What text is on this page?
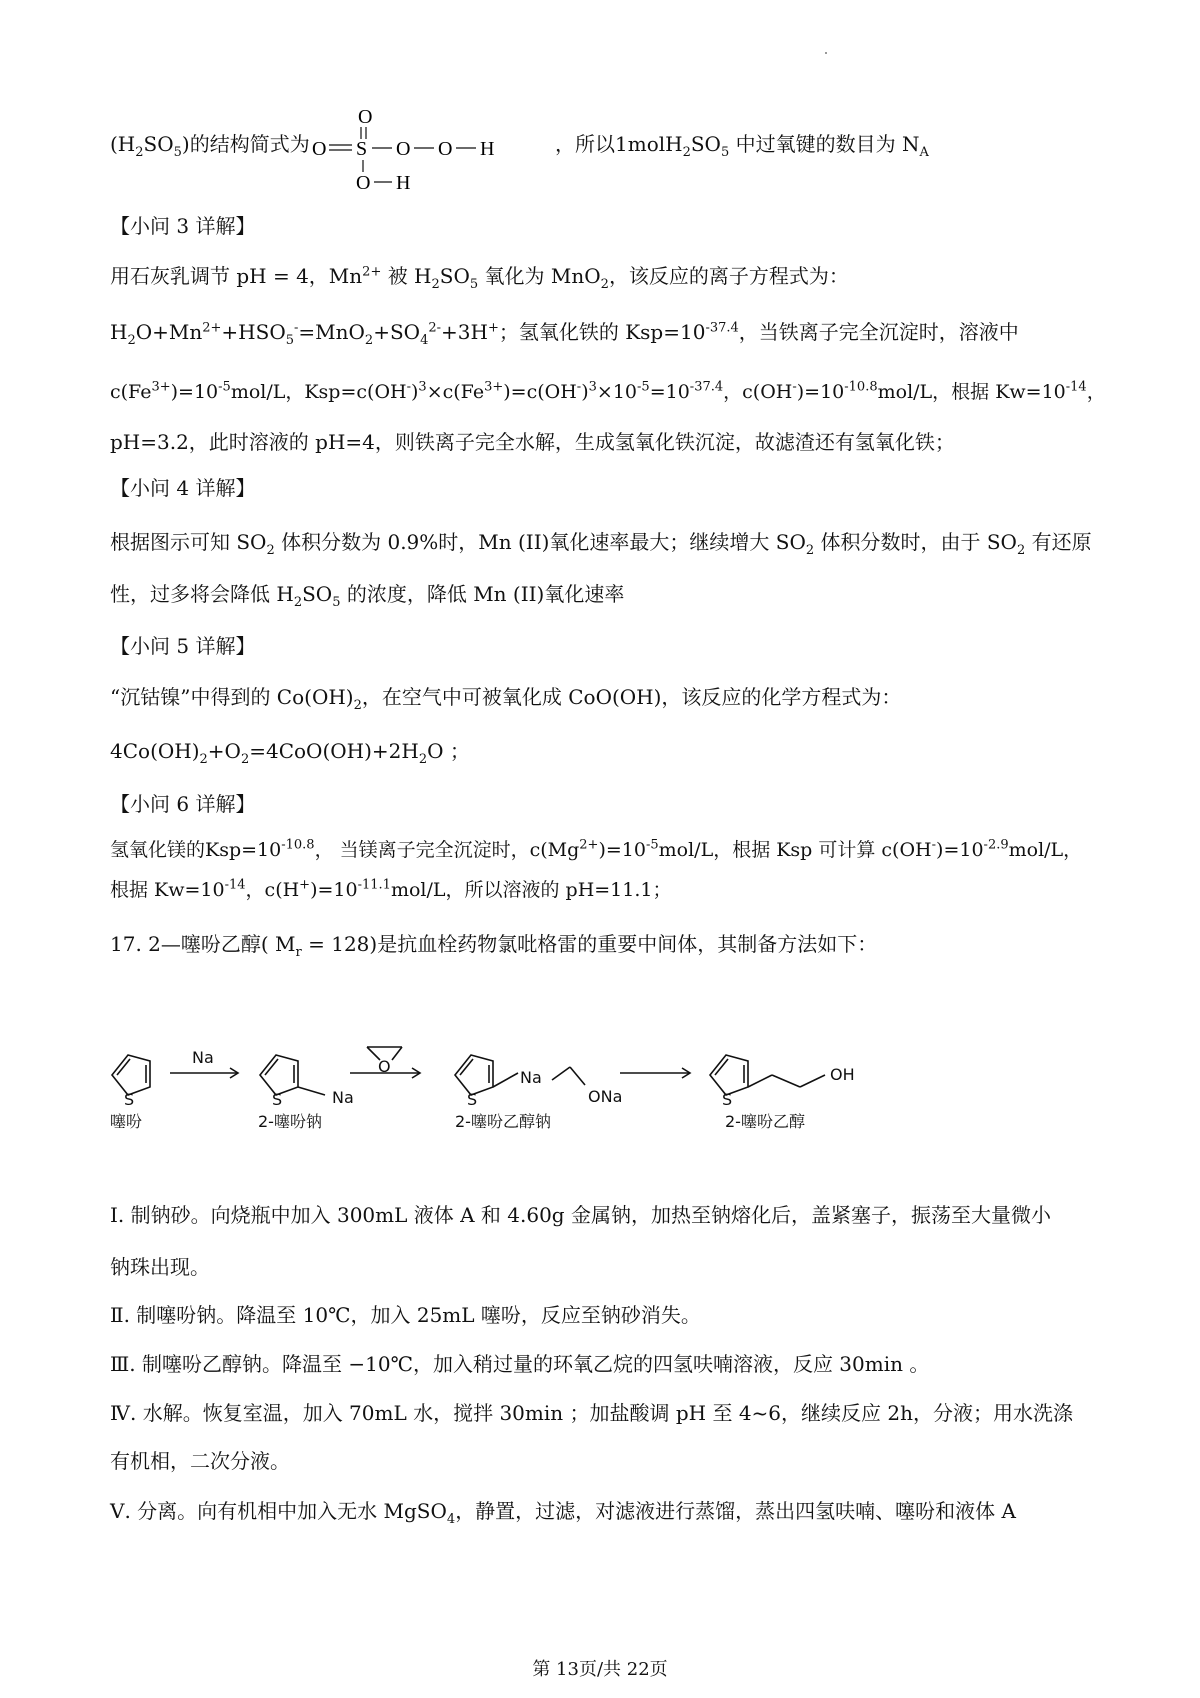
$(H_2SO_5)$的结构简式为	，所以$1molH_2SO_5$ 中过氧键的数目为 $N_A$
O
O S O O H
O H
【小问 3 详解】
用石灰乳调节 pH = 4，$Mn^{2+}$ 被 $H_2SO_5$ 氧化为 MnO$_2$，该反应的离子方程式为：
$H_2O+Mn^{2+}+HSO_5^-=MnO_2+SO_4^{2-}+3H^+$；氢氧化铁的 $Ksp=10^{-37.4}$，当铁离子完全沉淀时，溶液中
$c(Fe^{3+})=10^{-5}mol/L$，$Ksp=c(OH^-)^3\times c(Fe^{3+})=c(OH^-)^3\times 10^{-5}=10^{-37.4}$，$c(OH^-)=10^{-10.8}mol/L$，根据 $Kw=10^{-14}$，
pH=3.2，此时溶液的 pH=4，则铁离子完全水解，生成氢氧化铁沉淀，故滤渣还有氢氧化铁；
【小问 4 详解】
根据图示可知 $SO_2$ 体积分数为 0.9%时，Mn (II)氧化速率最大；继续增大 $SO_2$ 体积分数时，由于 $SO_2$ 有还原
性，过多将会降低 $H_2SO_5$ 的浓度，降低 Mn (II)氧化速率
【小问 5 详解】
“沉钴镍”中得到的 $Co(OH)_2$，在空气中可被氧化成 CoO(OH)，该反应的化学方程式为：
$4Co(OH)_2+O_2=4CoO(OH)+2H_2O$ ；
【小问 6 详解】
氢氧化镁的$Ksp=10^{-10.8}$， 当镁离子完全沉淀时，$c(Mg^{2+})=10^{-5}mol/L$，根据 Ksp 可计算 $c(OH^-)=10^{-2.9}mol/L$，
根据 $Kw=10^{-14}$，$c(H^+)=10^{-11.1}mol/L$，所以溶液的 pH=11.1；
17. 2—噻吩乙醇( $M_r = 128$)是抗血栓药物氯吡格雷的重要中间体，其制备方法如下：
S
噻吩
Na
S	Na
2-噻吩钠
O
S
Na
ONa
2-噻吩乙醇钠
S
OH
2-噻吩乙醇
Ⅰ. 制钠砂。向烧瓶中加入 300mL 液体 A 和 4.60g 金属钠，加热至钠熔化后，盖紧塞子，振荡至大量微小
钠珠出现。
Ⅱ. 制噻吩钠。降温至 10℃，加入 25mL 噻吩，反应至钠砂消失。
Ⅲ. 制噻吩乙醇钠。降温至 −10℃，加入稍过量的环氧乙烷的四氢呋喃溶液，反应 30min 。
Ⅳ. 水解。恢复室温，加入 70mL 水，搅拌 30min ；加盐酸调 pH 至 4~6，继续反应 2h，分液；用水洗涤
有机相，二次分液。
Ⅴ. 分离。向有机相中加入无水 MgSO$_4$，静置，过滤，对滤液进行蒸馏，蒸出四氢呋喃、噻吩和液体 A
第 13页/共 22页
